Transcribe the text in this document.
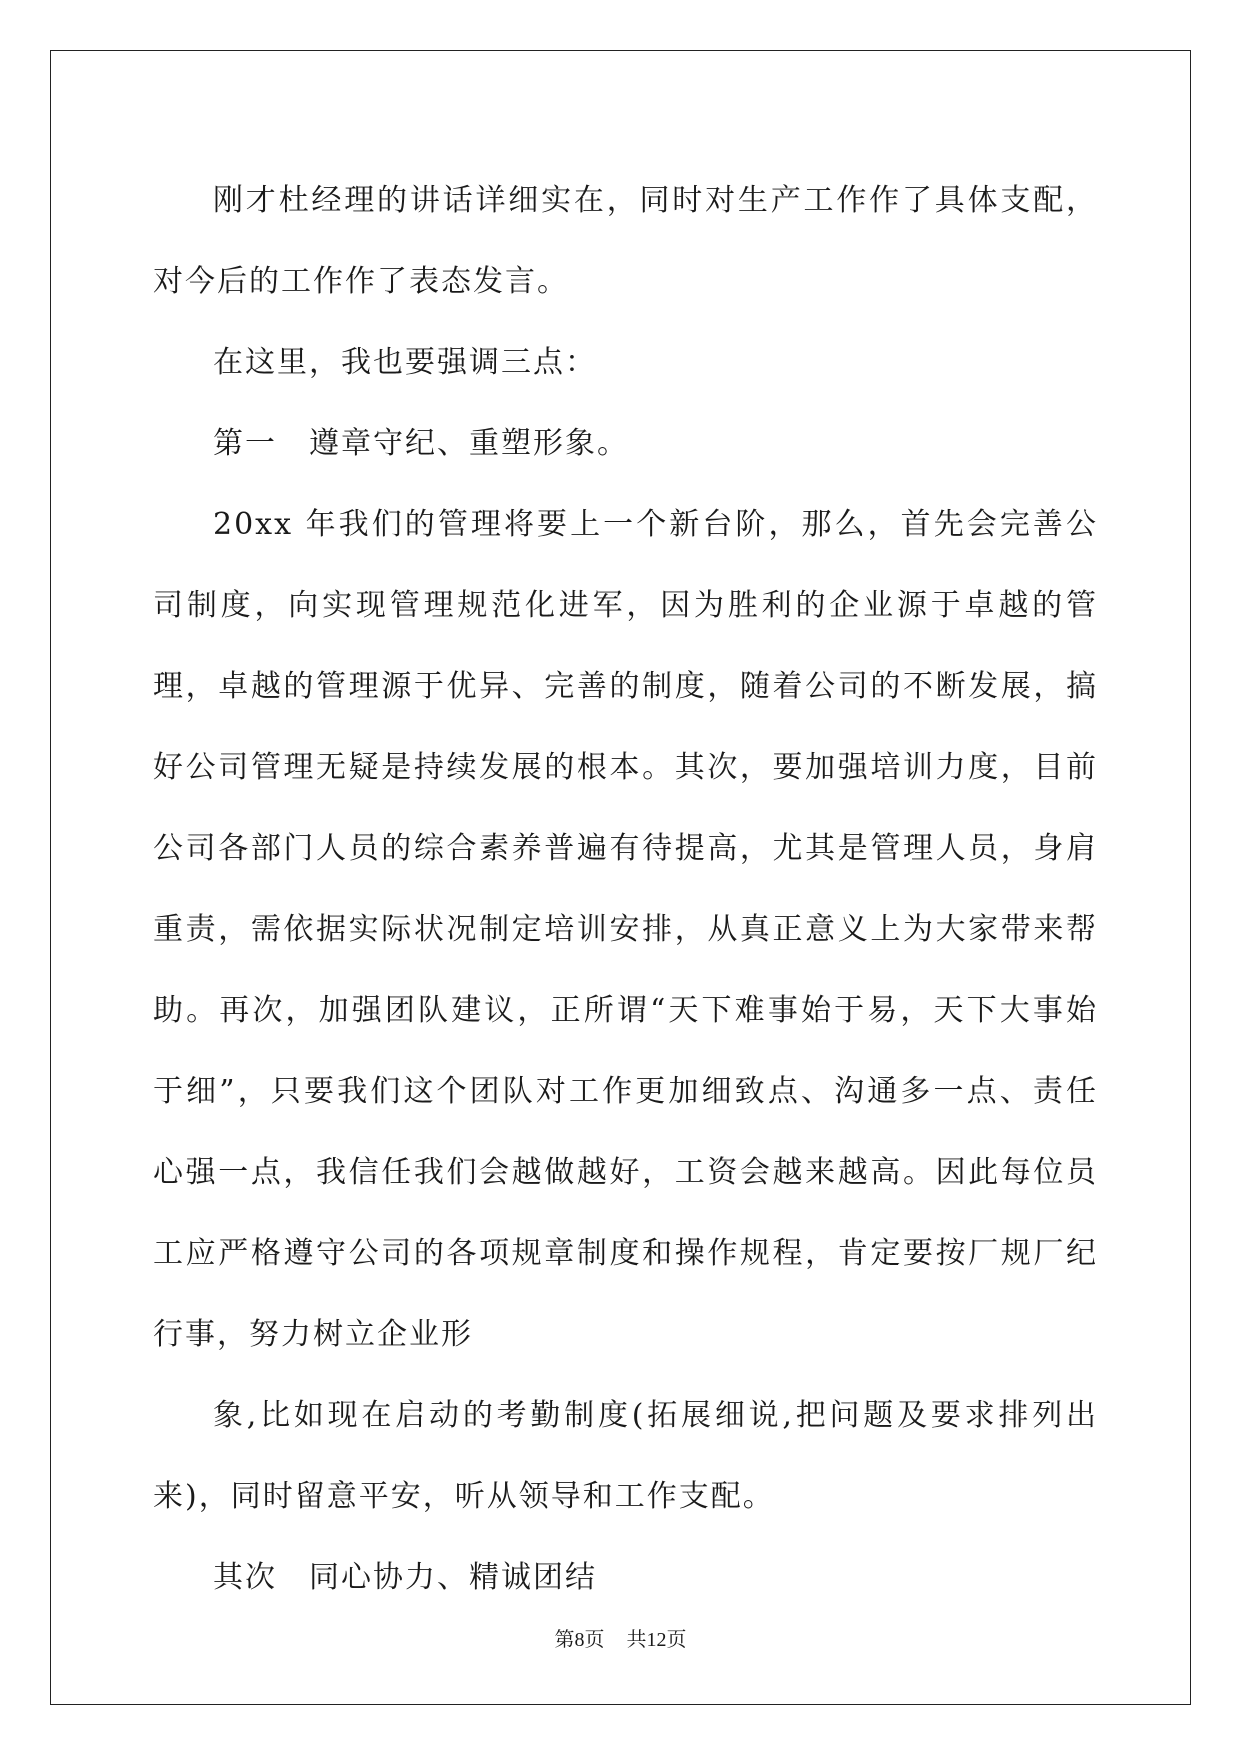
刚才杜经理的讲话详细实在，同时对生产工作作了具体支配，对今后的工作作了表态发言。

在这里，我也要强调三点：

第一　遵章守纪、重塑形象。

20xx 年我们的管理将要上一个新台阶，那么，首先会完善公司制度，向实现管理规范化进军，因为胜利的企业源于卓越的管理，卓越的管理源于优异、完善的制度，随着公司的不断发展，搞好公司管理无疑是持续发展的根本。其次，要加强培训力度，目前公司各部门人员的综合素养普遍有待提高，尤其是管理人员，身肩重责，需依据实际状况制定培训安排，从真正意义上为大家带来帮助。再次，加强团队建议，正所谓“天下难事始于易，天下大事始于细”，只要我们这个团队对工作更加细致点、沟通多一点、责任心强一点，我信任我们会越做越好，工资会越来越高。因此每位员工应严格遵守公司的各项规章制度和操作规程，肯定要按厂规厂纪行事，努力树立企业形

象,比如现在启动的考勤制度(拓展细说,把问题及要求排列出来)，同时留意平安，听从领导和工作支配。

其次　同心协力、精诚团结

第8页 共12页
